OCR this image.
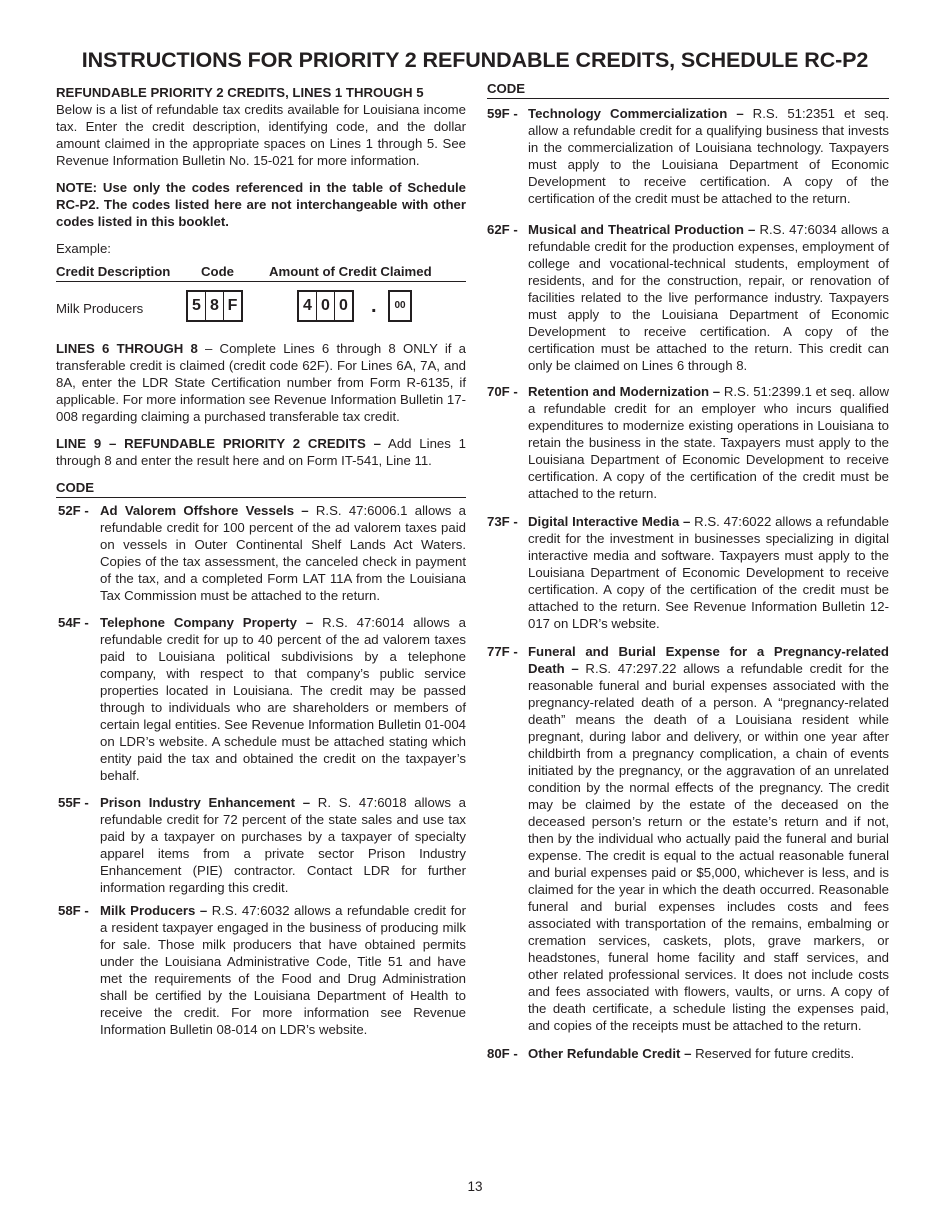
INSTRUCTIONS FOR PRIORITY 2 REFUNDABLE CREDITS, SCHEDULE RC-P2

REFUNDABLE PRIORITY 2 CREDITS, LINES 1 THROUGH 5

Below is a list of refundable tax credits available for Louisiana income tax. Enter the credit description, identifying code, and the dollar amount claimed in the appropriate spaces on Lines 1 through 5. See Revenue Information Bulletin No. 15-021 for more information.

NOTE: Use only the codes referenced in the table of Schedule RC-P2. The codes listed here are not interchangeable with other codes listed in this booklet.

Example:

Credit Description	Code	Amount of Credit Claimed
Milk Producers	5 8 F	4 0 0 .	00

LINES 6 THROUGH 8 – Complete Lines 6 through 8 ONLY if a transferable credit is claimed (credit code 62F). For Lines 6A, 7A, and 8A, enter the LDR State Certification number from Form R-6135, if applicable. For more information see Revenue Information Bulletin 17-008 regarding claiming a purchased transferable tax credit.

LINE 9 – REFUNDABLE PRIORITY 2 CREDITS – Add Lines 1 through 8 and enter the result here and on Form IT-541, Line 11.

CODE
52F - Ad Valorem Offshore Vessels – R.S. 47:6006.1 allows a refundable credit for 100 percent of the ad valorem taxes paid on vessels in Outer Continental Shelf Lands Act Waters. Copies of the tax assessment, the canceled check in payment of the tax, and a completed Form LAT 11A from the Louisiana Tax Commission must be attached to the return.
54F - Telephone Company Property – R.S. 47:6014 allows a refundable credit for up to 40 percent of the ad valorem taxes paid to Louisiana political subdivisions by a telephone company, with respect to that company’s public service properties located in Louisiana. The credit may be passed through to individuals who are shareholders or members of certain legal entities. See Revenue Information Bulletin 01-004 on LDR’s website. A schedule must be attached stating which entity paid the tax and obtained the credit on the taxpayer’s behalf.
55F - Prison Industry Enhancement – R. S. 47:6018 allows a refundable credit for 72 percent of the state sales and use tax paid by a taxpayer on purchases by a taxpayer of specialty apparel items from a private sector Prison Industry Enhancement (PIE) contractor. Contact LDR for further information regarding this credit.
58F - Milk Producers – R.S. 47:6032 allows a refundable credit for a resident taxpayer engaged in the business of producing milk for sale. Those milk producers that have obtained permits under the Louisiana Administrative Code, Title 51 and have met the requirements of the Food and Drug Administration shall be certified by the Louisiana Department of Health to receive the credit. For more information see Revenue Information Bulletin 08-014 on LDR’s website.
CODE
59F - Technology Commercialization – R.S. 51:2351 et seq. allow a refundable credit for a qualifying business that invests in the commercialization of Louisiana technology. Taxpayers must apply to the Louisiana Department of Economic Development to receive certification. A copy of the certification of the credit must be attached to the return.
62F - Musical and Theatrical Production – R.S. 47:6034 allows a refundable credit for the production expenses, employment of college and vocational-technical students, employment of residents, and for the construction, repair, or renovation of facilities related to the live performance industry. Taxpayers must apply to the Louisiana Department of Economic Development to receive certification. A copy of the certification must be attached to the return. This credit can only be claimed on Lines 6 through 8.
70F - Retention and Modernization – R.S. 51:2399.1 et seq. allow a refundable credit for an employer who incurs qualified expenditures to modernize existing operations in Louisiana to retain the business in the state. Taxpayers must apply to the Louisiana Department of Economic Development to receive certification. A copy of the certification of the credit must be attached to the return.
73F - Digital Interactive Media – R.S. 47:6022 allows a refundable credit for the investment in businesses specializing in digital interactive media and software. Taxpayers must apply to the Louisiana Department of Economic Development to receive certification. A copy of the certification of the credit must be attached to the return. See Revenue Information Bulletin 12-017 on LDR’s website.
77F - Funeral and Burial Expense for a Pregnancy-related Death – R.S. 47:297.22 allows a refundable credit for the reasonable funeral and burial expenses associated with the pregnancy-related death of a person. A “pregnancy-related death” means the death of a Louisiana resident while pregnant, during labor and delivery, or within one year after childbirth from a pregnancy complication, a chain of events initiated by the pregnancy, or the aggravation of an unrelated condition by the normal effects of the pregnancy. The credit may be claimed by the estate of the deceased on the deceased person’s return or the estate’s return and if not, then by the individual who actually paid the funeral and burial expense. The credit is equal to the actual reasonable funeral and burial expenses paid or $5,000, whichever is less, and is claimed for the year in which the death occurred. Reasonable funeral and burial expenses includes costs and fees associated with transportation of the remains, embalming or cremation services, caskets, plots, grave markers, or headstones, funeral home facility and staff services, and other related professional services. It does not include costs and fees associated with flowers, vaults, or urns. A copy of the death certificate, a schedule listing the expenses paid, and copies of the receipts must be attached to the return.
80F - Other Refundable Credit – Reserved for future credits.
13
